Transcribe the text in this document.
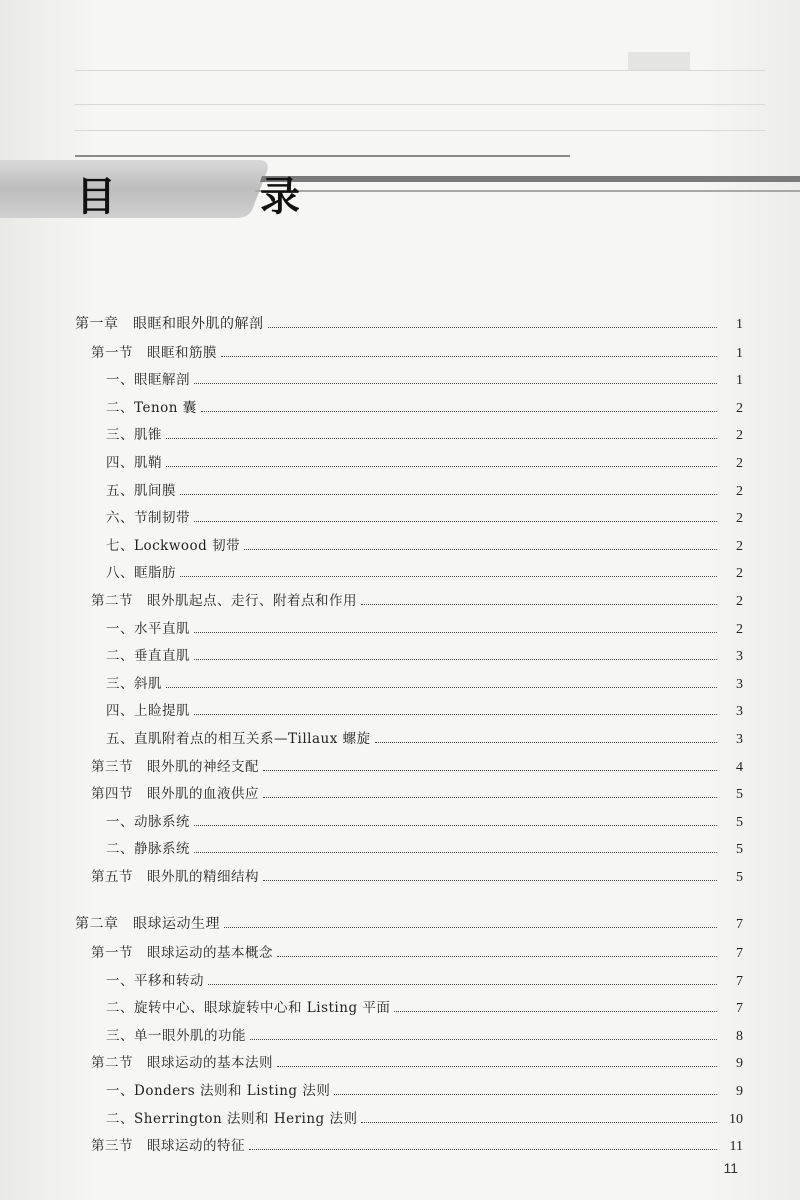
目　录
第一章　眼眶和眼外肌的解剖	1
第一节　眼眶和筋膜	1
一、眼眶解剖	1
二、Tenon 囊	2
三、肌锥	2
四、肌鞘	2
五、肌间膜	2
六、节制韧带	2
七、Lockwood 韧带	2
八、眶脂肪	2
第二节　眼外肌起点、走行、附着点和作用	2
一、水平直肌	2
二、垂直直肌	3
三、斜肌	3
四、上睑提肌	3
五、直肌附着点的相互关系—Tillaux 螺旋	3
第三节　眼外肌的神经支配	4
第四节　眼外肌的血液供应	5
一、动脉系统	5
二、静脉系统	5
第五节　眼外肌的精细结构	5
第二章　眼球运动生理	7
第一节　眼球运动的基本概念	7
一、平移和转动	7
二、旋转中心、眼球旋转中心和 Listing 平面	7
三、单一眼外肌的功能	8
第二节　眼球运动的基本法则	9
一、Donders 法则和 Listing 法则	9
二、Sherrington 法则和 Hering 法则	10
第三节　眼球运动的特征	11
11
